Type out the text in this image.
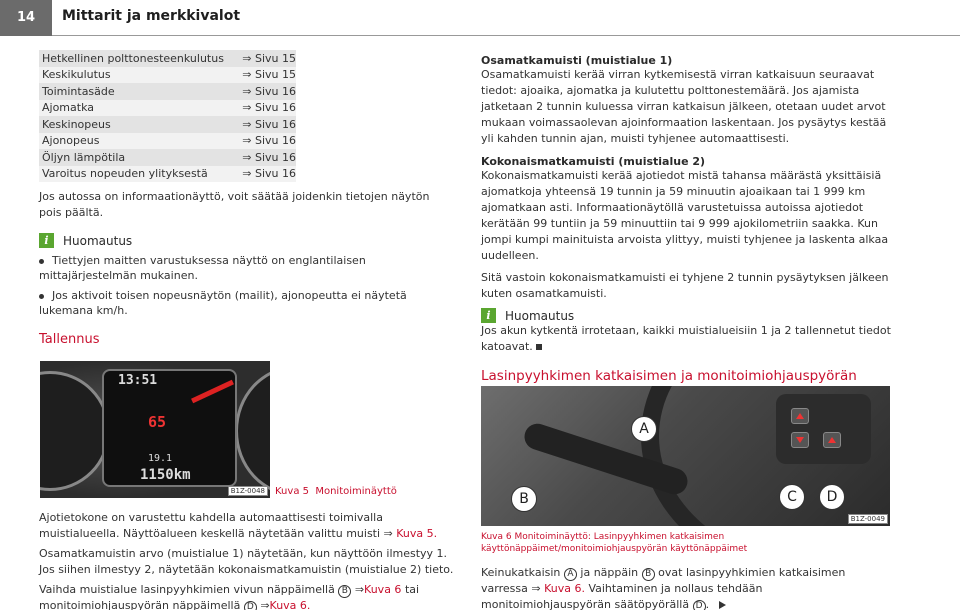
14	Mittarit ja merkkivalot
Hetkellinen polttonesteenkulutus	⇒ Sivu 15
Keskikulutus	⇒ Sivu 15
Toimintasäde	⇒ Sivu 16
Ajomatka	⇒ Sivu 16
Keskinopeus	⇒ Sivu 16
Ajonopeus	⇒ Sivu 16
Öljyn lämpötila	⇒ Sivu 16
Varoitus nopeuden ylityksestä	⇒ Sivu 16

Jos autossa on informaationäyttö, voit säätää joidenkin tietojen näytön pois päältä.

i	Huomautus
Tiettyjen maitten varustuksessa näyttö on englantilaisen mittajärjestelmän mukainen.
Jos aktivoit toisen nopeusnäytön (mailit), ajonopeutta ei näytetä lukemana km/h.
Tallennus
13:51
65
19.1
1150km
B1Z-0048	Kuva 5 Monitoiminäyttö

Ajotietokone on varustettu kahdella automaattisesti toimivalla muistialueella. Näyttöalueen keskellä näytetään valittu muisti ⇒ Kuva 5.

Osamatkamuistin arvo (muistialue 1) näytetään, kun näyttöön ilmestyy 1. Jos siihen ilmestyy 2, näytetään kokonaismatkamuistin (muistialue 2) tieto.

Vaihda muistialue lasinpyyhkimien vivun näppäimellä B ⇒Kuva 6 tai monitoimiohjauspyörän näppäimellä D ⇒Kuva 6.

Osamatkamuisti (muistialue 1)

Osamatkamuisti kerää virran kytkemisestä virran katkaisuun seuraavat tiedot: ajoaika, ajomatka ja kulutettu polttonestemäärä. Jos ajamista jatketaan 2 tunnin kuluessa virran katkaisun jälkeen, otetaan uudet arvot mukaan voimassaolevan ajoinformaation laskentaan. Jos pysäytys kestää yli kahden tunnin ajan, muisti tyhjenee automaattisesti.

Kokonaismatkamuisti (muistialue 2)

Kokonaismatkamuisti kerää ajotiedot mistä tahansa määrästä yksittäisiä ajomatkoja yhteensä 19 tunnin ja 59 minuutin ajoaikaan tai 1 999 km ajomatkaan asti. Informaationäytöllä varustetuissa autoissa ajotiedot kerätään 99 tuntiin ja 59 minuuttiin tai 9 999 ajokilometriin saakka. Kun jompi kumpi mainituista arvoista ylittyy, muisti tyhjenee ja laskenta alkaa uudelleen.

Sitä vastoin kokonaismatkamuisti ei tyhjene 2 tunnin pysäytyksen jälkeen kuten osamatkamuisti.

i	Huomautus

Jos akun kytkentä irrotetaan, kaikki muistialueisiin 1 ja 2 tallennetut tiedot katoavat.

Lasinpyyhkimen katkaisimen ja monitoimiohjauspyörän
A
B	C	D
B1Z-0049
Kuva 6 Monitoiminäyttö: Lasinpyyhkimen katkaisimen käyttönäppäimet/monitoimiohjauspyörän käyttönäppäimet

Keinukatkaisin A ja näppäin B ovat lasinpyyhkimien katkaisimen varressa ⇒ Kuva 6. Vaihtaminen ja nollaus tehdään monitoimiohjauspyörän säätöpyörällä D .
